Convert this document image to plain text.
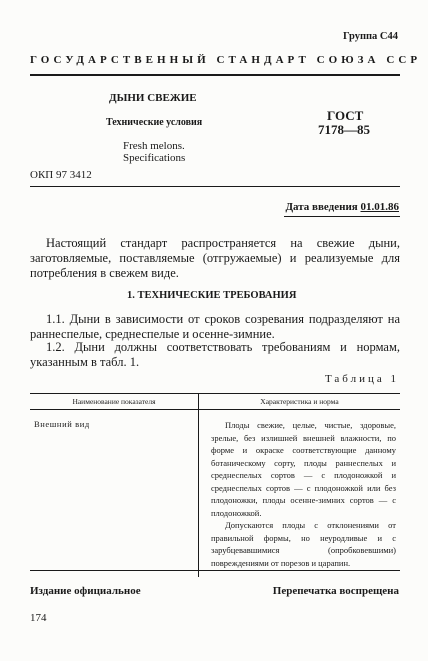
Группа С44
ГОСУДАРСТВЕННЫЙ СТАНДАРТ СОЮЗА ССР
ДЫНИ СВЕЖИЕ
Технические условия
Fresh melons.
Specifications
ГОСТ
7178—85
ОКП 97 3412
Дата введения 01.01.86
Настоящий стандарт распространяется на свежие дыни, заготовляемые, поставляемые (отгружаемые) и реализуемые для потребления в свежем виде.
1. ТЕХНИЧЕСКИЕ ТРЕБОВАНИЯ
1.1. Дыни в зависимости от сроков созревания подразделяют на раннеспелые, среднеспелые и осенне-зимние.
1.2. Дыни должны соответствовать требованиям и нормам, указанным в табл. 1.
Таблица 1
Наименование показателя	Характеристика и норма
Внешний вид	Плоды свежие, целые, чистые, здоровые, зрелые, без излишней внешней влажности, по форме и окраске соответствующие данному ботаническому сорту, плоды раннеспелых и среднеспелых сортов — с плодоножкой и среднеспелых сортов — с плодоножкой или без плодоножки, плоды осенне-зимних сортов — с плодоножкой.
Допускаются плоды с отклонениями от правильной формы, но неуродливые и с зарубцевавшимися (опробковевшими) повреждениями от порезов и царапин.
Издание официальное	Перепечатка воспрещена
174
